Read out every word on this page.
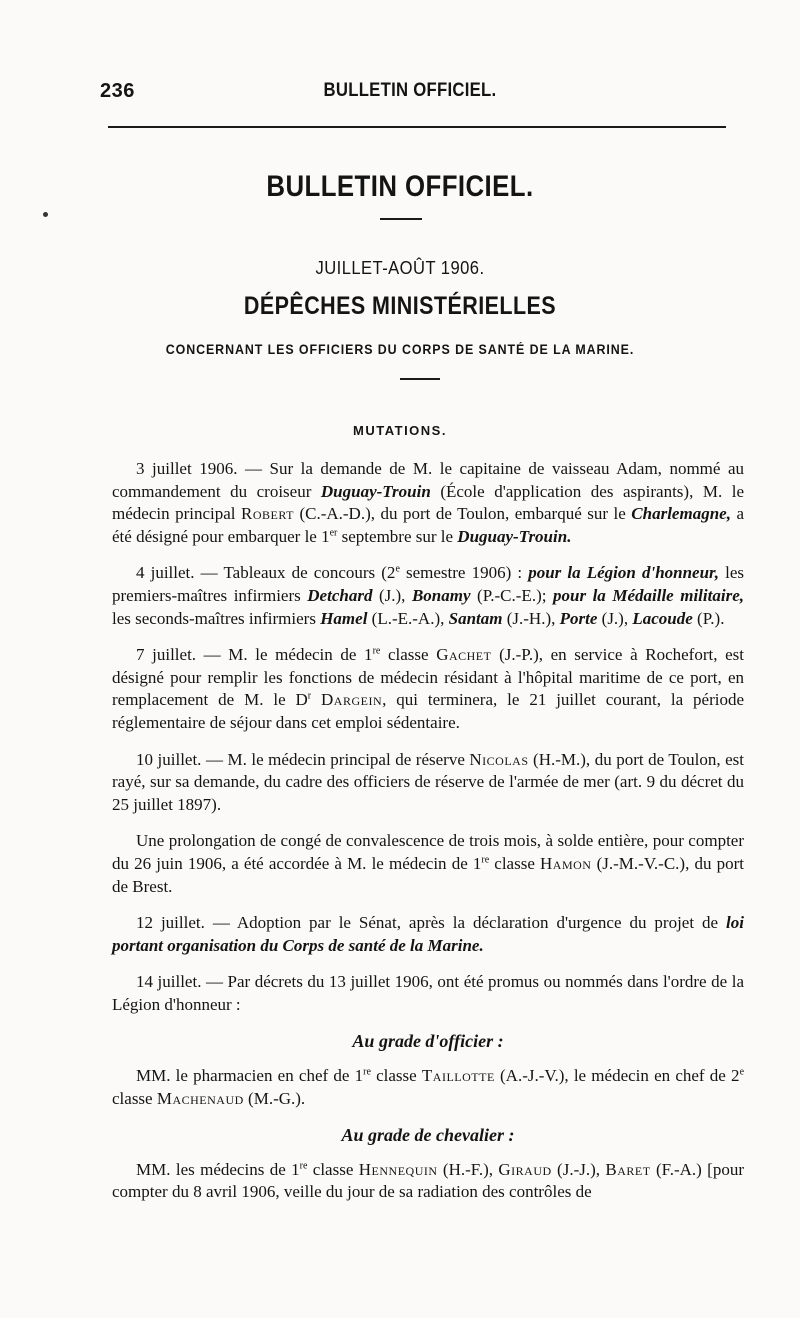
236	BULLETIN OFFICIEL.
BULLETIN OFFICIEL.
JUILLET-AOÛT 1906.
DÉPÊCHES MINISTÉRIELLES
CONCERNANT LES OFFICIERS DU CORPS DE SANTÉ DE LA MARINE.
MUTATIONS.

3 juillet 1906. — Sur la demande de M. le capitaine de vaisseau Adam, nommé au commandement du croiseur Duguay-Trouin (École d'application des aspirants), M. le médecin principal Robert (C.-A.-D.), du port de Toulon, embarqué sur le Charlemagne, a été désigné pour embarquer le 1er septembre sur le Duguay-Trouin.

4 juillet. — Tableaux de concours (2e semestre 1906) : pour la Légion d'honneur, les premiers-maîtres infirmiers Detchard (J.), Bonamy (P.-C.-E.); pour la Médaille militaire, les seconds-maîtres infirmiers Hamel (L.-E.-A.), Santam (J.-H.), Porte (J.), Lacoude (P.).

7 juillet. — M. le médecin de 1re classe Gachet (J.-P.), en service à Rochefort, est désigné pour remplir les fonctions de médecin résidant à l'hôpital maritime de ce port, en remplacement de M. le $D^r$ Dargein, qui terminera, le 21 juillet courant, la période réglementaire de séjour dans cet emploi sédentaire.

10 juillet. — M. le médecin principal de réserve Nicolas (H.-M.), du port de Toulon, est rayé, sur sa demande, du cadre des officiers de réserve de l'armée de mer (art. 9 du décret du 25 juillet 1897).

Une prolongation de congé de convalescence de trois mois, à solde entière, pour compter du 26 juin 1906, a été accordée à M. le médecin de 1re classe Hamon (J.-M.-V.-C.), du port de Brest.

12 juillet. — Adoption par le Sénat, après la déclaration d'urgence du projet de loi portant organisation du Corps de santé de la Marine.

14 juillet. — Par décrets du 13 juillet 1906, ont été promus ou nommés dans l'ordre de la Légion d'honneur :

Au grade d'officier :

MM. le pharmacien en chef de 1re classe Taillotte (A.-J.-V.), le médecin en chef de 2e classe Machenaud (M.-G.).

Au grade de chevalier :

MM. les médecins de 1re classe Hennequin (H.-F.), Giraud (J.-J.), Baret (F.-A.) [pour compter du 8 avril 1906, veille du jour de sa radiation des contrôles de
